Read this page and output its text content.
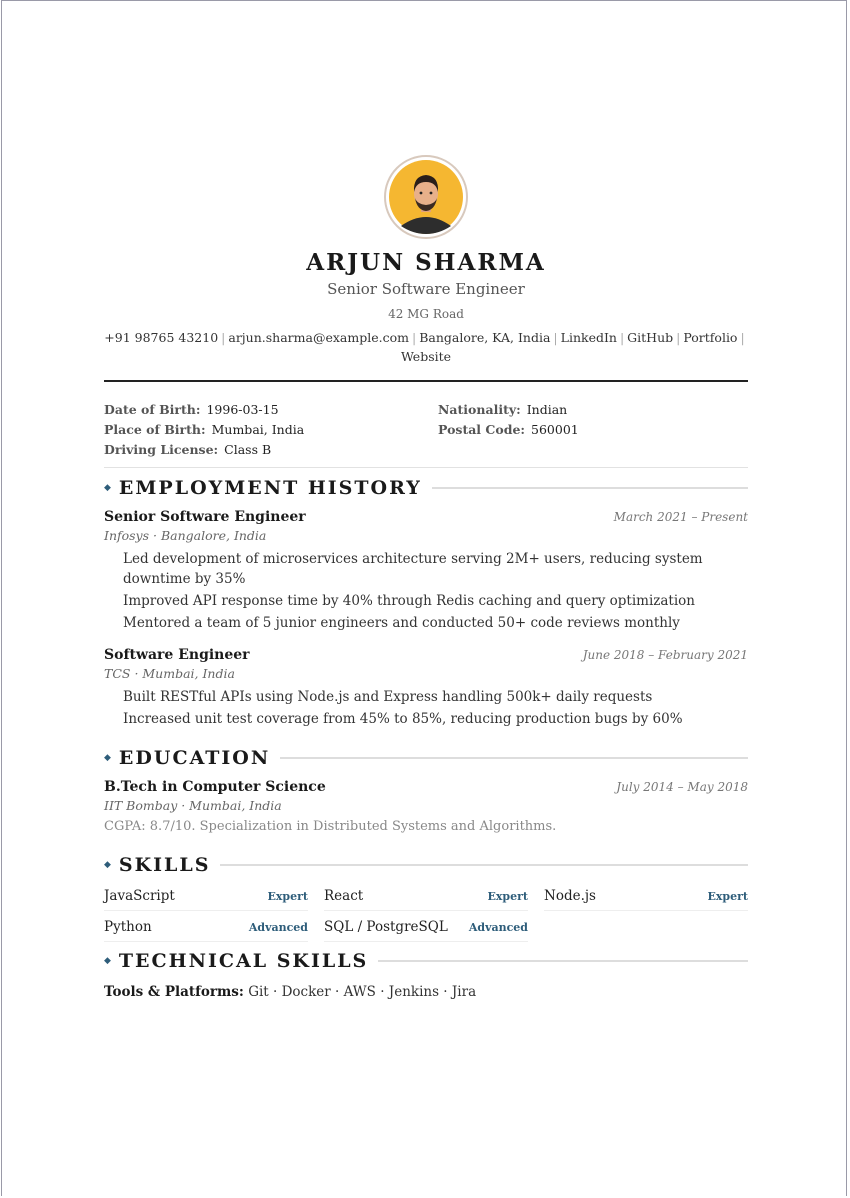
ARJUN SHARMA
Senior Software Engineer
42 MG Road
+91 98765 43210 | arjun.sharma@example.com | Bangalore, KA, India | LinkedIn | GitHub | Portfolio |
Website
Date of Birth: 1996-03-15	Nationality: Indian
Place of Birth: Mumbai, India	Postal Code: 560001
Driving License: Class B
◆ EMPLOYMENT HISTORY
Senior Software Engineer	March 2021 – Present
Infosys · Bangalore, India
Led development of microservices architecture serving 2M+ users, reducing system downtime by 35%
Improved API response time by 40% through Redis caching and query optimization
Mentored a team of 5 junior engineers and conducted 50+ code reviews monthly
Software Engineer	June 2018 – February 2021
TCS · Mumbai, India
Built RESTful APIs using Node.js and Express handling 500k+ daily requests
Increased unit test coverage from 45% to 85%, reducing production bugs by 60%
◆ EDUCATION
B.Tech in Computer Science	July 2014 – May 2018
IIT Bombay · Mumbai, India
CGPA: 8.7/10. Specialization in Distributed Systems and Algorithms.
◆ SKILLS
JavaScript	Expert React	Expert Node.js	Expert
Python	Advanced SQL / PostgreSQL Advanced
◆ TECHNICAL SKILLS
Tools & Platforms: Git · Docker · AWS · Jenkins · Jira
